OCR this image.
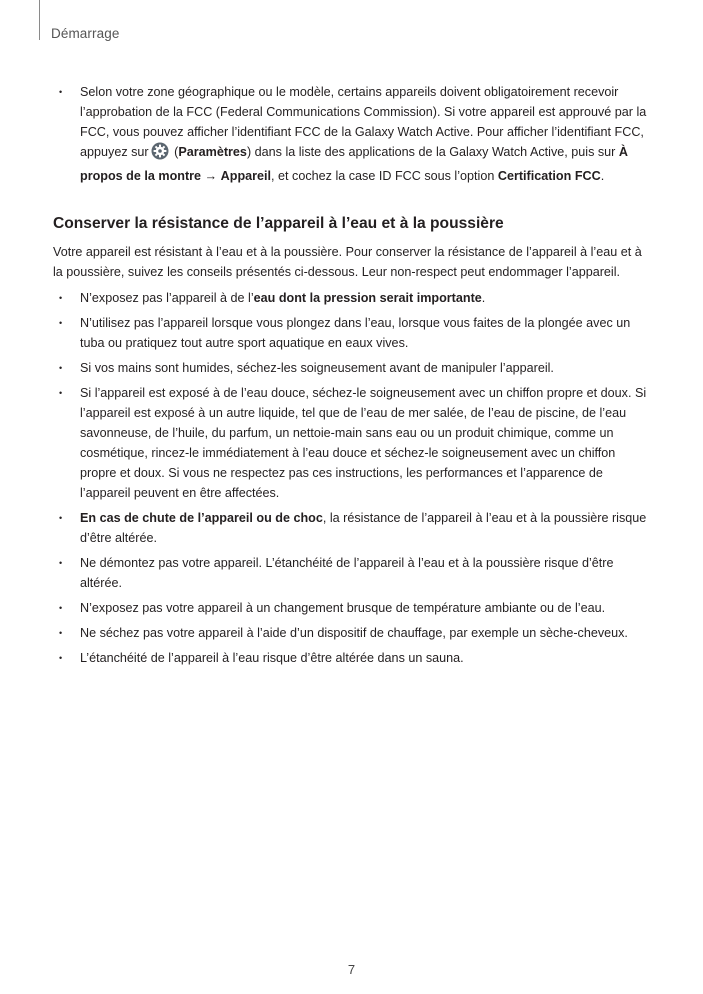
Démarrage
• Selon votre zone géographique ou le modèle, certains appareils doivent obligatoirement recevoir l’approbation de la FCC (Federal Communications Commission). Si votre appareil est approuvé par la FCC, vous pouvez afficher l’identifiant FCC de la Galaxy Watch Active. Pour afficher l’identifiant FCC, appuyez sur (Paramètres) dans la liste des applications de la Galaxy Watch Active, puis sur À propos de la montre → Appareil, et cochez la case ID FCC sous l’option Certification FCC.
Conserver la résistance de l’appareil à l’eau et à la poussière

Votre appareil est résistant à l’eau et à la poussière. Pour conserver la résistance de l’appareil à l’eau et à la poussière, suivez les conseils présentés ci-dessous. Leur non-respect peut endommager l’appareil.

• N’exposez pas l’appareil à de l’eau dont la pression serait importante.
• N’utilisez pas l’appareil lorsque vous plongez dans l’eau, lorsque vous faites de la plongée avec un tuba ou pratiquez tout autre sport aquatique en eaux vives.
• Si vos mains sont humides, séchez-les soigneusement avant de manipuler l’appareil.
• Si l’appareil est exposé à de l’eau douce, séchez-le soigneusement avec un chiffon propre et doux. Si l’appareil est exposé à un autre liquide, tel que de l’eau de mer salée, de l’eau de piscine, de l’eau savonneuse, de l’huile, du parfum, un nettoie-main sans eau ou un produit chimique, comme un cosmétique, rincez-le immédiatement à l’eau douce et séchez-le soigneusement avec un chiffon propre et doux. Si vous ne respectez pas ces instructions, les performances et l’apparence de l’appareil peuvent en être affectées.
• En cas de chute de l’appareil ou de choc, la résistance de l’appareil à l’eau et à la poussière risque d’être altérée.
• Ne démontez pas votre appareil. L’étanchéité de l’appareil à l’eau et à la poussière risque d’être altérée.
• N’exposez pas votre appareil à un changement brusque de température ambiante ou de l’eau.
• Ne séchez pas votre appareil à l’aide d’un dispositif de chauffage, par exemple un sèche-cheveux.
• L’étanchéité de l’appareil à l’eau risque d’être altérée dans un sauna.
7
